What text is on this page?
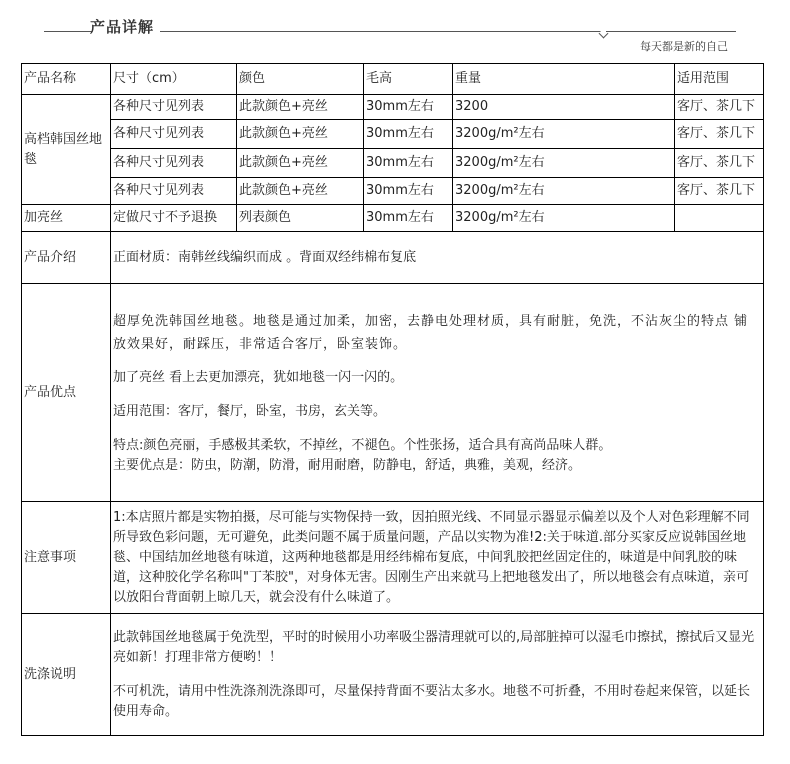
产品详解
每天都是新的自己
产品名称	尺寸（cm）	颜色	毛高	重量	适用范围
高档韩国丝地毯	各种尺寸见列表	此款颜色+亮丝	30mm左右	3200	客厅、茶几下
	各种尺寸见列表	此款颜色+亮丝	30mm左右	3200g/m²左右	客厅、茶几下
	各种尺寸见列表	此款颜色+亮丝	30mm左右	3200g/m²左右	客厅、茶几下
	各种尺寸见列表	此款颜色+亮丝	30mm左右	3200g/m²左右	客厅、茶几下
加亮丝	定做尺寸不予退换	列表颜色	30mm左右	3200g/m²左右	
产品介绍	正面材质：南韩丝线编织而成 。背面双经纬棉布复底				
产品优点	超厚免洗韩国丝地毯。地毯是通过加柔，加密，去静电处理材质，具有耐脏，免洗，不沾灰尘的特点 铺放效果好，耐踩压，非常适合客厅，卧室装饰。

加了亮丝 看上去更加漂亮，犹如地毯一闪一闪的。

适用范围：客厅，餐厅，卧室，书房，玄关等。

特点:颜色亮丽，手感极其柔软，不掉丝，不褪色。个性张扬，适合具有高尚品味人群。

主要优点是：防虫，防潮，防滑，耐用耐磨，防静电，舒适，典雅，美观，经济。				

注意事项	1:本店照片都是实物拍摄，尽可能与实物保持一致，因拍照光线、不同显示器显示偏差以及个人对色彩理解不同所导致色彩问题，无可避免，此类问题不属于质量问题，产品以实物为准!2:关于味道.部分买家反应说韩国丝地毯、中国结加丝地毯有味道，这两种地毯都是用经纬棉布复底，中间乳胶把丝固定住的，味道是中间乳胶的味道，这种胶化学名称叫"丁苯胶"，对身体无害。因刚生产出来就马上把地毯发出了，所以地毯会有点味道，亲可以放阳台背面朝上晾几天，就会没有什么味道了。				
洗涤说明	此款韩国丝地毯属于免洗型，平时的时候用小功率吸尘器清理就可以的,局部脏掉可以湿毛巾擦拭，擦拭后又显光亮如新！打理非常方便哟！！

不可机洗，请用中性洗涤剂洗涤即可，尽量保持背面不要沾太多水。地毯不可折叠，不用时卷起来保管，以延长使用寿命。				
